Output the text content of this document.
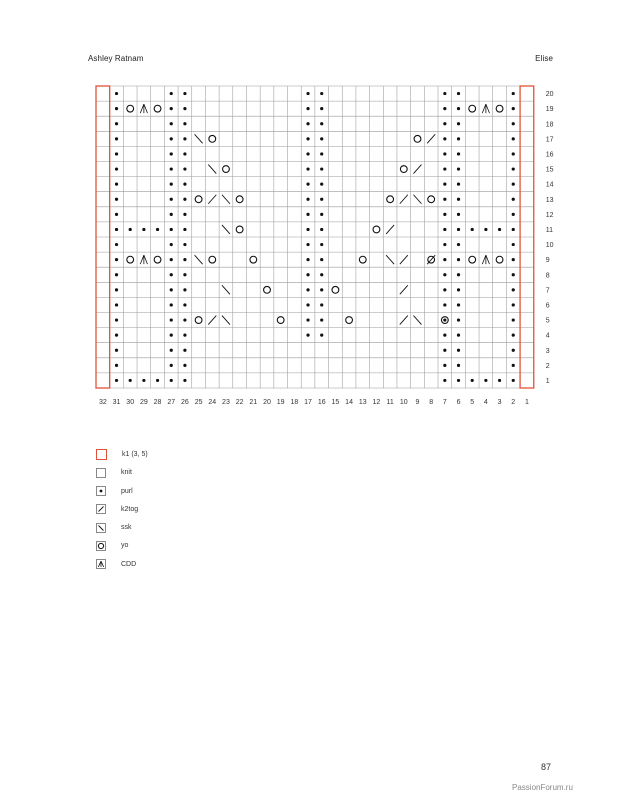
Ashley Ratnam	Elise
32 31 30 29 28 27 26 25 24 23 22 21 20 19 18 17 16 15 14 13 12 11 10 9 8 7 6 5 4 3 2 1
1
2
3
4
5
6
7
8
9
10
11
12
13
14
15
16
17
18
19
20
k1 (3, 5)
knit
purl
k2tog
ssk
yo
CDD
87
PassionForum.ru
